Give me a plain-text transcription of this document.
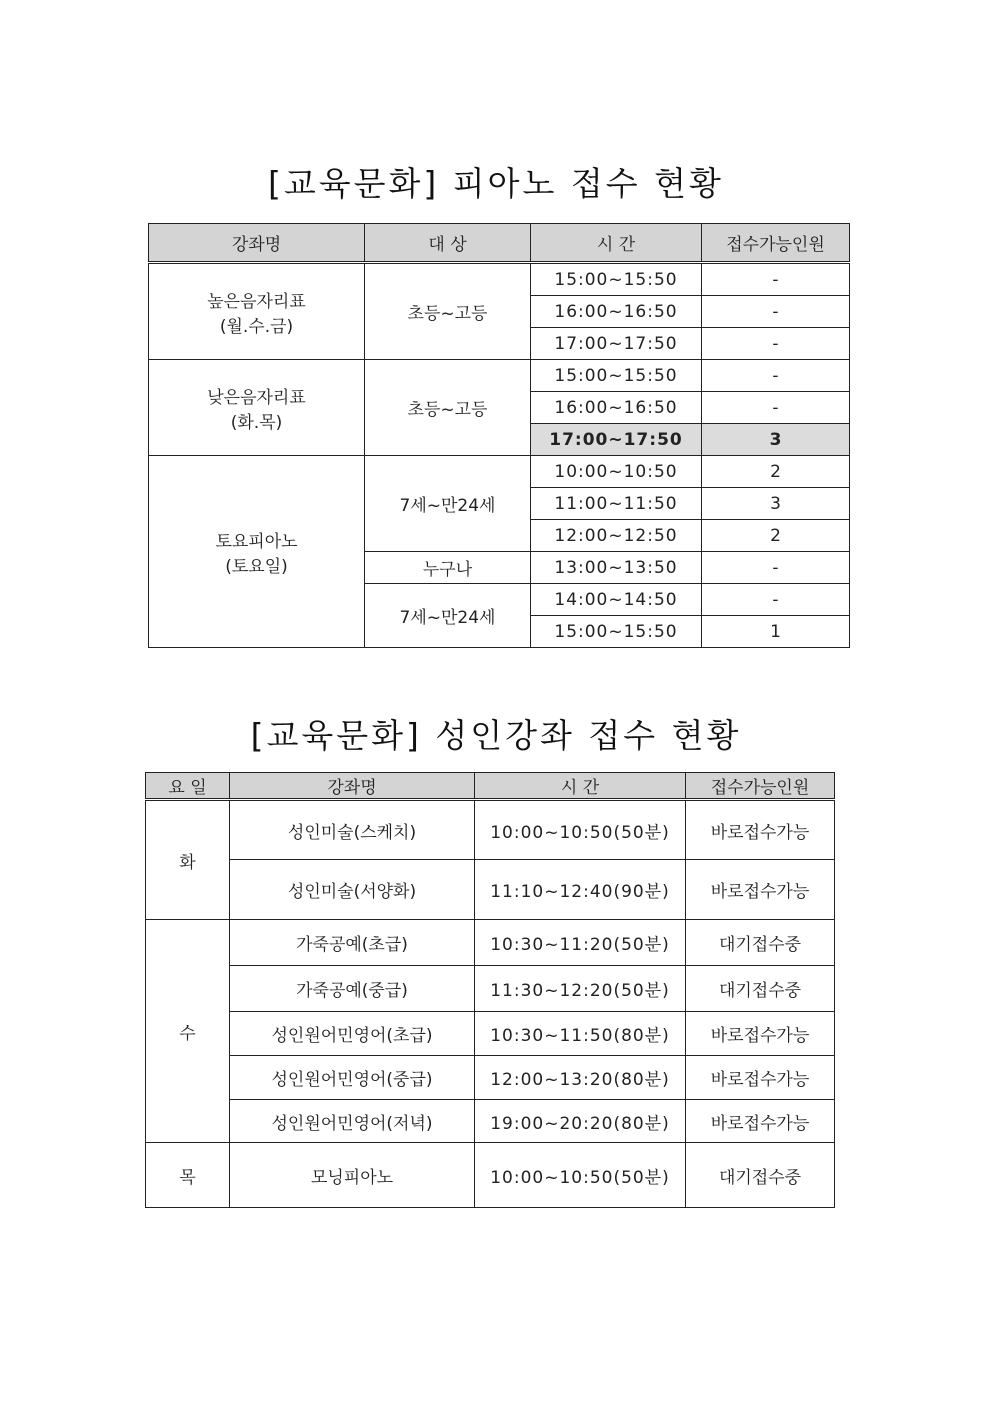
[교육문화] 피아노 접수 현황
강좌명	대 상	시 간	접수가능인원

높은음자리표
(월.수.금)	초등~고등	15:00~15:50	-
		16:00~16:50	-
		17:00~17:50	-

낮은음자리표
(화.목)	초등~고등	15:00~15:50	-
		16:00~16:50	-
		17:00~17:50	3

토요피아노
(토요일)	7세~만24세	10:00~10:50	2
		11:00~11:50	3
		12:00~12:50	2
	누구나	13:00~13:50	-
	7세~만24세	14:00~14:50	-
		15:00~15:50	1
[교육문화] 성인강좌 접수 현황
요 일	강좌명	시 간	접수가능인원
화	성인미술(스케치)	10:00~10:50(50분)	바로접수가능
	성인미술(서양화)	11:10~12:40(90분)	바로접수가능
수	가죽공예(초급)	10:30~11:20(50분)	대기접수중
	가죽공예(중급)	11:30~12:20(50분)	대기접수중
	성인원어민영어(초급)	10:30~11:50(80분)	바로접수가능
	성인원어민영어(중급)	12:00~13:20(80분)	바로접수가능
	성인원어민영어(저녁)	19:00~20:20(80분)	바로접수가능
목	모닝피아노	10:00~10:50(50분)	대기접수중
